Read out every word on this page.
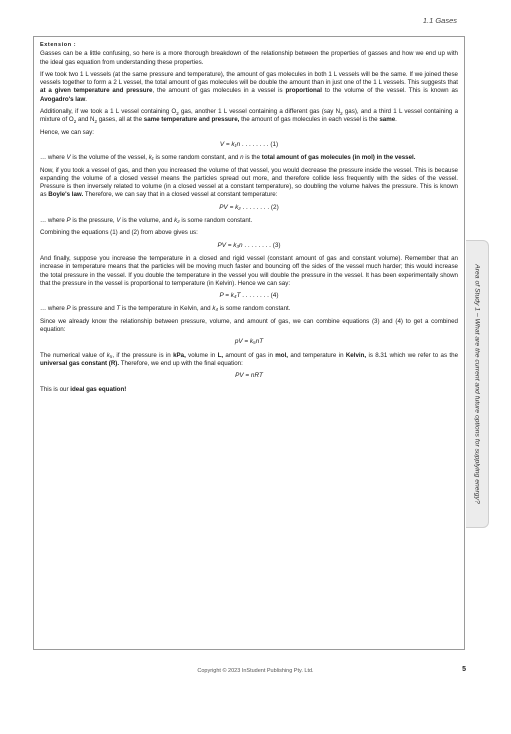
1.1 Gases
Extension :

Gasses can be a little confusing, so here is a more thorough breakdown of the relationship between the properties of gasses and how we end up with the ideal gas equation from understanding these properties.

If we took two 1 L vessels (at the same pressure and temperature), the amount of gas molecules in both 1 L vessels will be the same. If we joined these vessels together to form a 2 L vessel, the total amount of gas molecules will be double the amount than in just one of the 1 L vessels. This suggests that at a given temperature and pressure, the amount of gas molecules in a vessel is proportional to the volume of the vessel. This is known as Avogadro's law.

Additionally, if we took a 1 L vessel containing $O_2$ gas, another 1 L vessel containing a different gas (say $N_2$ gas), and a third 1 L vessel containing a mixture of $O_2$ and $N_2$ gases, all at the same temperature and pressure, the amount of gas molecules in each vessel is the same.

Hence, we can say:

V = k₁n . . . . . . . . (1)

… where V is the volume of the vessel, k₁ is some random constant, and n is the total amount of gas molecules (in mol) in the vessel.

Now, if you took a vessel of gas, and then you increased the volume of that vessel, you would decrease the pressure inside the vessel. This is because expanding the volume of a closed vessel means the particles spread out more, and therefore collide less frequently with the sides of the vessel. Pressure is then inversely related to volume (in a closed vessel at a constant temperature), so doubling the volume halves the pressure. This is known as Boyle's law. Therefore, we can say that in a closed vessel at constant temperature:

PV = k₂ . . . . . . . . (2)

… where P is the pressure, V is the volume, and k₂ is some random constant.

Combining the equations (1) and (2) from above gives us:

PV = k₃n . . . . . . . . (3)

And finally, suppose you increase the temperature in a closed and rigid vessel (constant amount of gas and constant volume). Remember that an increase in temperature means that the particles will be moving much faster and bouncing off the sides of the vessel much harder; this would increase the total pressure in the vessel. If you double the temperature in the vessel you will double the pressure in the vessel. It has been experimentally shown that the pressure in the vessel is proportional to temperature (in Kelvin). Hence we can say:

P = k₄T . . . . . . . . (4)

… where P is pressure and T is the temperature in Kelvin, and k₄ is some random constant.

Since we already know the relationship between pressure, volume, and amount of gas, we can combine equations (3) and (4) to get a combined equation:

pV = k₅nT

The numerical value of k₅, if the pressure is in kPa, volume in L, amount of gas in mol, and temperature in Kelvin, is 8.31 which we refer to as the universal gas constant (R). Therefore, we end up with the final equation:

PV = nRT

This is our ideal gas equation!	Area of Study 1 – What are the current and future options for supplying energy?
Copyright © 2023 InStudent Publishing Pty. Ltd.	5
